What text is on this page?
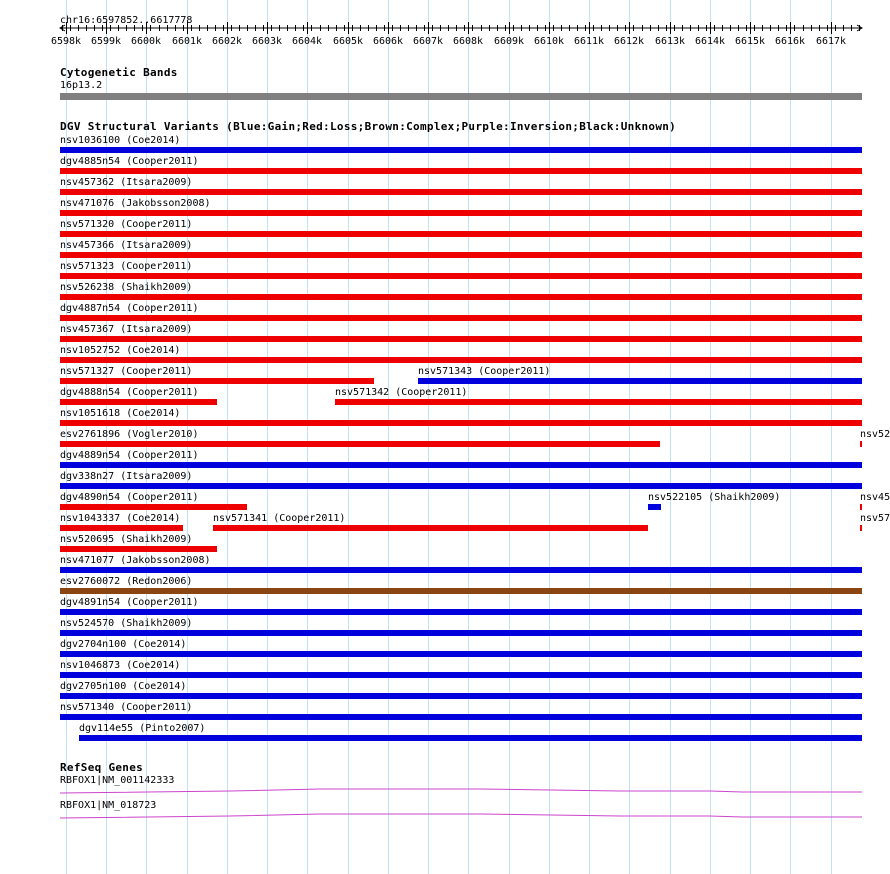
chr16:6597852..6617778
6598k 6599k 6600k 6601k 6602k 6603k 6604k 6605k 6606k 6607k 6608k 6609k 6610k 6611k 6612k 6613k 6614k 6615k 6616k 6617k
Cytogenetic Bands
16p13.2
DGV Structural Variants (Blue:Gain;Red:Loss;Brown:Complex;Purple:Inversion;Black:Unknown)
nsv1036100 (Coe2014)
dgv4885n54 (Cooper2011)
nsv457362 (Itsara2009)
nsv471076 (Jakobsson2008)
nsv571320 (Cooper2011)
nsv457366 (Itsara2009)
nsv571323 (Cooper2011)
nsv526238 (Shaikh2009)
dgv4887n54 (Cooper2011)
nsv457367 (Itsara2009)
nsv1052752 (Coe2014)
nsv571327 (Cooper2011)	nsv571343 (Cooper2011)
dgv4888n54 (Cooper2011)	nsv571342 (Cooper2011)
nsv1051618 (Coe2014)
esv2761896 (Vogler2010)	nsv52
dgv4889n54 (Cooper2011)
dgv338n27 (Itsara2009)
dgv4890n54 (Cooper2011)	nsv522105 (Shaikh2009)	nsv45
nsv1043337 (Coe2014)	nsv571341 (Cooper2011)	nsv57
nsv520695 (Shaikh2009)
nsv471077 (Jakobsson2008)
esv2760072 (Redon2006)
dgv4891n54 (Cooper2011)
nsv524570 (Shaikh2009)
dgv2704n100 (Coe2014)
nsv1046873 (Coe2014)
dgv2705n100 (Coe2014)
nsv571340 (Cooper2011)
dgv114e55 (Pinto2007)
RefSeq Genes
RBFOX1|NM_001142333
RBFOX1|NM_018723
